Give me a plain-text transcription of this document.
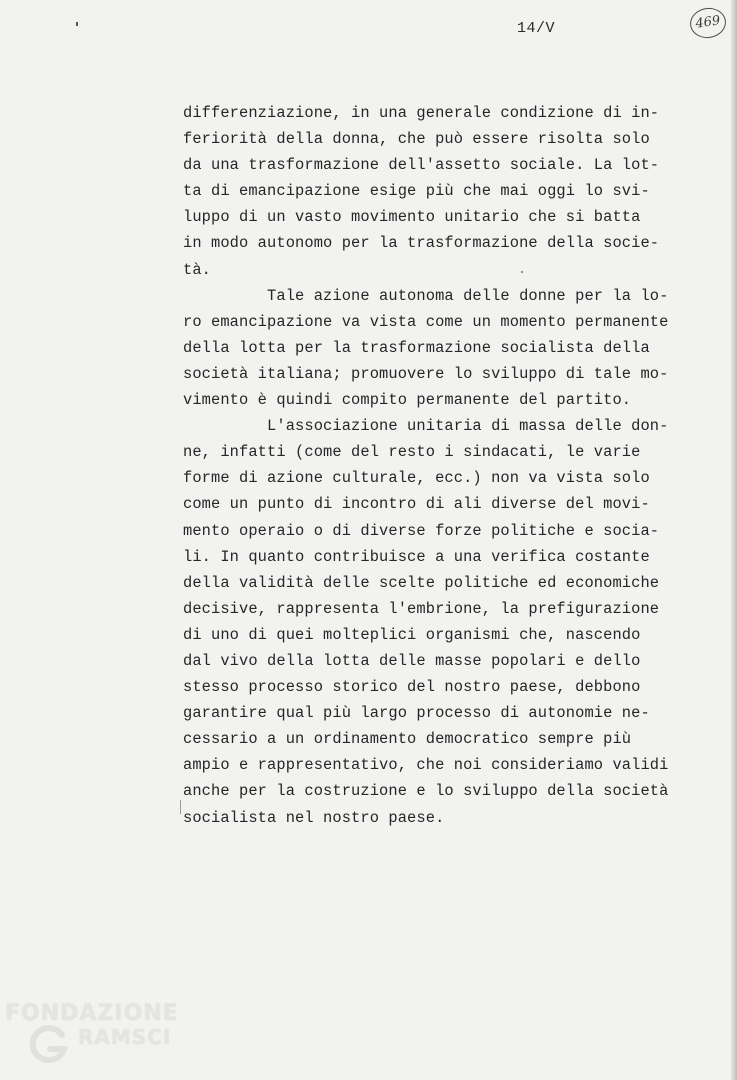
14/V	469
differenziazione, in una generale condizione di in-
feriorità della donna, che può essere risolta solo
da una trasformazione dell'assetto sociale. La lot-
ta di emancipazione esige più che mai oggi lo svi-
luppo di un vasto movimento unitario che si batta
in modo autonomo per la trasformazione della socie-
tà.
Tale azione autonoma delle donne per la lo-
ro emancipazione va vista come un momento permanente
della lotta per la trasformazione socialista della
società italiana; promuovere lo sviluppo di tale mo-
vimento è quindi compito permanente del partito.
L'associazione unitaria di massa delle don-
ne, infatti (come del resto i sindacati, le varie
forme di azione culturale, ecc.) non va vista solo
come un punto di incontro di ali diverse del movi-
mento operaio o di diverse forze politiche e socia-
li. In quanto contribuisce a una verifica costante
della validità delle scelte politiche ed economiche
decisive, rappresenta l'embrione, la prefigurazione
di uno di quei molteplici organismi che, nascendo
dal vivo della lotta delle masse popolari e dello
stesso processo storico del nostro paese, debbono
garantire qual più largo processo di autonomie ne-
cessario a un ordinamento democratico sempre più
ampio e rappresentativo, che noi consideriamo validi
anche per la costruzione e lo sviluppo della società
socialista nel nostro paese.
FONDAZIONE
RAMSCI
